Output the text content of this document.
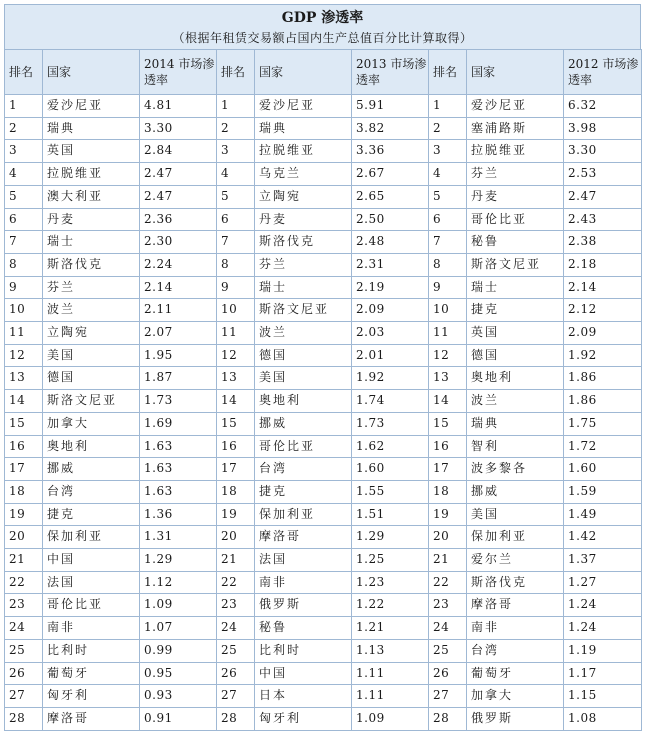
GDP 渗透率
（根据年租赁交易额占国内生产总值百分比计算取得）
排名	国家	2014 市场渗透率	排名	国家	2013 市场渗透率	排名	国家	2012 市场渗透率
1	爱沙尼亚	4.81	1	爱沙尼亚	5.91	1	爱沙尼亚	6.32
2	瑞典	3.30	2	瑞典	3.82	2	塞浦路斯	3.98
3	英国	2.84	3	拉脱维亚	3.36	3	拉脱维亚	3.30
4	拉脱维亚	2.47	4	乌克兰	2.67	4	芬兰	2.53
5	澳大利亚	2.47	5	立陶宛	2.65	5	丹麦	2.47
6	丹麦	2.36	6	丹麦	2.50	6	哥伦比亚	2.43
7	瑞士	2.30	7	斯洛伐克	2.48	7	秘鲁	2.38
8	斯洛伐克	2.24	8	芬兰	2.31	8	斯洛文尼亚	2.18
9	芬兰	2.14	9	瑞士	2.19	9	瑞士	2.14
10	波兰	2.11	10	斯洛文尼亚	2.09	10	捷克	2.12
11	立陶宛	2.07	11	波兰	2.03	11	英国	2.09
12	美国	1.95	12	德国	2.01	12	德国	1.92
13	德国	1.87	13	美国	1.92	13	奥地利	1.86
14	斯洛文尼亚	1.73	14	奥地利	1.74	14	波兰	1.86
15	加拿大	1.69	15	挪威	1.73	15	瑞典	1.75
16	奥地利	1.63	16	哥伦比亚	1.62	16	智利	1.72
17	挪威	1.63	17	台湾	1.60	17	波多黎各	1.60
18	台湾	1.63	18	捷克	1.55	18	挪威	1.59
19	捷克	1.36	19	保加利亚	1.51	19	美国	1.49
20	保加利亚	1.31	20	摩洛哥	1.29	20	保加利亚	1.42
21	中国	1.29	21	法国	1.25	21	爱尔兰	1.37
22	法国	1.12	22	南非	1.23	22	斯洛伐克	1.27
23	哥伦比亚	1.09	23	俄罗斯	1.22	23	摩洛哥	1.24
24	南非	1.07	24	秘鲁	1.21	24	南非	1.24
25	比利时	0.99	25	比利时	1.13	25	台湾	1.19
26	葡萄牙	0.95	26	中国	1.11	26	葡萄牙	1.17
27	匈牙利	0.93	27	日本	1.11	27	加拿大	1.15
28	摩洛哥	0.91	28	匈牙利	1.09	28	俄罗斯	1.08
